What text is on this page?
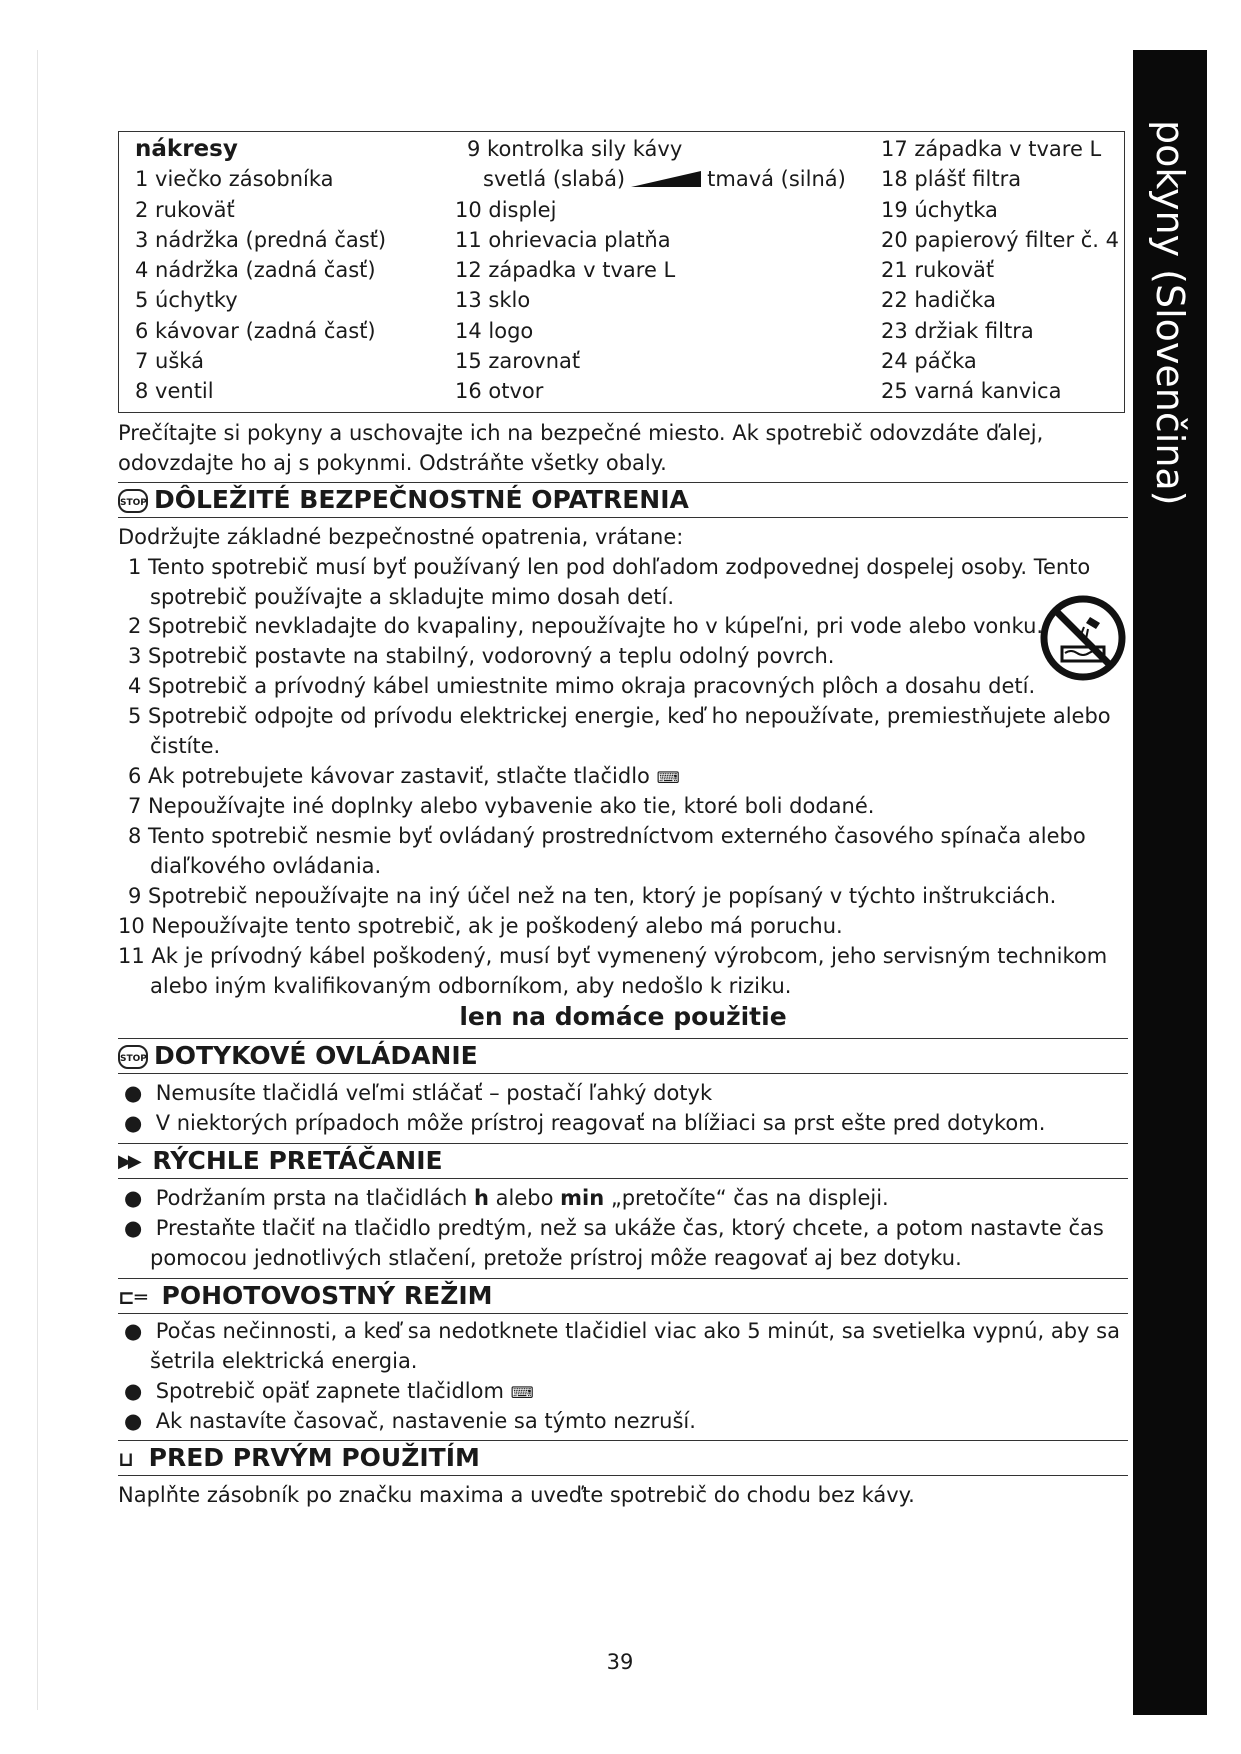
pokyny (Slovenčina)
nákresy
1 viečko zásobníka
2 rukoväť
3 nádržka (predná časť)
4 nádržka (zadná časť)
5 úchytky
6 kávovar (zadná časť)
7 ušká
8 ventil
9 kontrolka sily kávy
svetlá (slabá)	tmavá (silná)
10 displej
11 ohrievacia platňa
12 západka v tvare L
13 sklo
14 logo
15 zarovnať
16 otvor
17 západka v tvare L
18 plášť filtra
19 úchytka
20 papierový filter č. 4
21 rukoväť
22 hadička
23 držiak filtra
24 páčka
25 varná kanvica
Prečítajte si pokyny a uschovajte ich na bezpečné miesto. Ak spotrebič odovzdáte ďalej,
odovzdajte ho aj s pokynmi. Odstráňte všetky obaly.
STOP DÔLEŽITÉ BEZPEČNOSTNÉ OPATRENIA
Dodržujte základné bezpečnostné opatrenia, vrátane:
1 Tento spotrebič musí byť používaný len pod dohľadom zodpovednej dospelej osoby. Tento
spotrebič používajte a skladujte mimo dosah detí.
2 Spotrebič nevkladajte do kvapaliny, nepoužívajte ho v kúpeľni, pri vode alebo vonku.
3 Spotrebič postavte na stabilný, vodorovný a teplu odolný povrch.
4 Spotrebič a prívodný kábel umiestnite mimo okraja pracovných plôch a dosahu detí.
5 Spotrebič odpojte od prívodu elektrickej energie, keď ho nepoužívate, premiestňujete alebo
čistíte.
6 Ak potrebujete kávovar zastaviť, stlačte tlačidlo ⌨
7 Nepoužívajte iné doplnky alebo vybavenie ako tie, ktoré boli dodané.
8 Tento spotrebič nesmie byť ovládaný prostredníctvom externého časového spínača alebo
diaľkového ovládania.
9 Spotrebič nepoužívajte na iný účel než na ten, ktorý je popísaný v týchto inštrukciách.
10 Nepoužívajte tento spotrebič, ak je poškodený alebo má poruchu.
11 Ak je prívodný kábel poškodený, musí byť vymenený výrobcom, jeho servisným technikom
alebo iným kvalifikovaným odborníkom, aby nedošlo k riziku.
len na domáce použitie
STOP DOTYKOVÉ OVLÁDANIE
●  Nemusíte tlačidlá veľmi stláčať – postačí ľahký dotyk
●  V niektorých prípadoch môže prístroj reagovať na blížiaci sa prst ešte pred dotykom.
▶▶ RÝCHLE PRETÁČANIE
●  Podržaním prsta na tlačidlách h alebo min „pretočíte“ čas na displeji.
●  Prestaňte tlačiť na tlačidlo predtým, než sa ukáže čas, ktorý chcete, a potom nastavte čas
pomocou jednotlivých stlačení, pretože prístroj môže reagovať aj bez dotyku.
⊏═ POHOTOVOSTNÝ REŽIM
●  Počas nečinnosti, a keď sa nedotknete tlačidiel viac ako 5 minút, sa svetielka vypnú, aby sa
šetrila elektrická energia.
●  Spotrebič opäť zapnete tlačidlom ⌨
●  Ak nastavíte časovač, nastavenie sa týmto nezruší.
⊔ PRED PRVÝM POUŽITÍM
Naplňte zásobník po značku maxima a uveďte spotrebič do chodu bez kávy.
39
